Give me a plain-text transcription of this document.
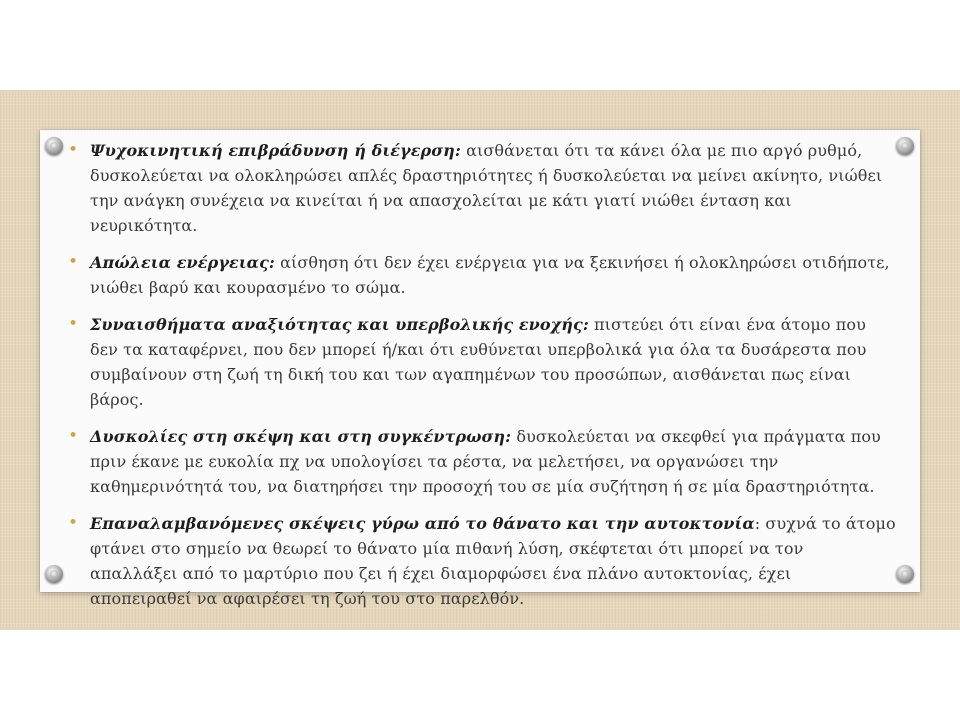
• Ψυχοκινητική επιβράδυνση ή διέγερση: αισθάνεται ότι τα κάνει όλα με πιο αργό ρυθμό, δυσκολεύεται να ολοκληρώσει απλές δραστηριότητες ή δυσκολεύεται να μείνει ακίνητο, νιώθει την ανάγκη συνέχεια να κινείται ή να απασχολείται με κάτι γιατί νιώθει ένταση και νευρικότητα.
• Απώλεια ενέργειας: αίσθηση ότι δεν έχει ενέργεια για να ξεκινήσει ή ολοκληρώσει οτιδήποτε, νιώθει βαρύ και κουρασμένο το σώμα.
• Συναισθήματα αναξιότητας και υπερβολικής ενοχής: πιστεύει ότι είναι ένα άτομο που δεν τα καταφέρνει, που δεν μπορεί ή/και ότι ευθύνεται υπερβολικά για όλα τα δυσάρεστα που συμβαίνουν στη ζωή τη δική του και των αγαπημένων του προσώπων, αισθάνεται πως είναι βάρος.
• Δυσκολίες στη σκέψη και στη συγκέντρωση: δυσκολεύεται να σκεφθεί για πράγματα που πριν έκανε με ευκολία πχ να υπολογίσει τα ρέστα, να μελετήσει, να οργανώσει την καθημερινότητά του, να διατηρήσει την προσοχή του σε μία συζήτηση ή σε μία δραστηριότητα.
• Επαναλαμβανόμενες σκέψεις γύρω από το θάνατο και την αυτοκτονία: συχνά το άτομο φτάνει στο σημείο να θεωρεί το θάνατο μία πιθανή λύση, σκέφτεται ότι μπορεί να τον απαλλάξει από το μαρτύριο που ζει ή έχει διαμορφώσει ένα πλάνο αυτοκτονίας, έχει αποπειραθεί να αφαιρέσει τη ζωή του στο παρελθόν.
